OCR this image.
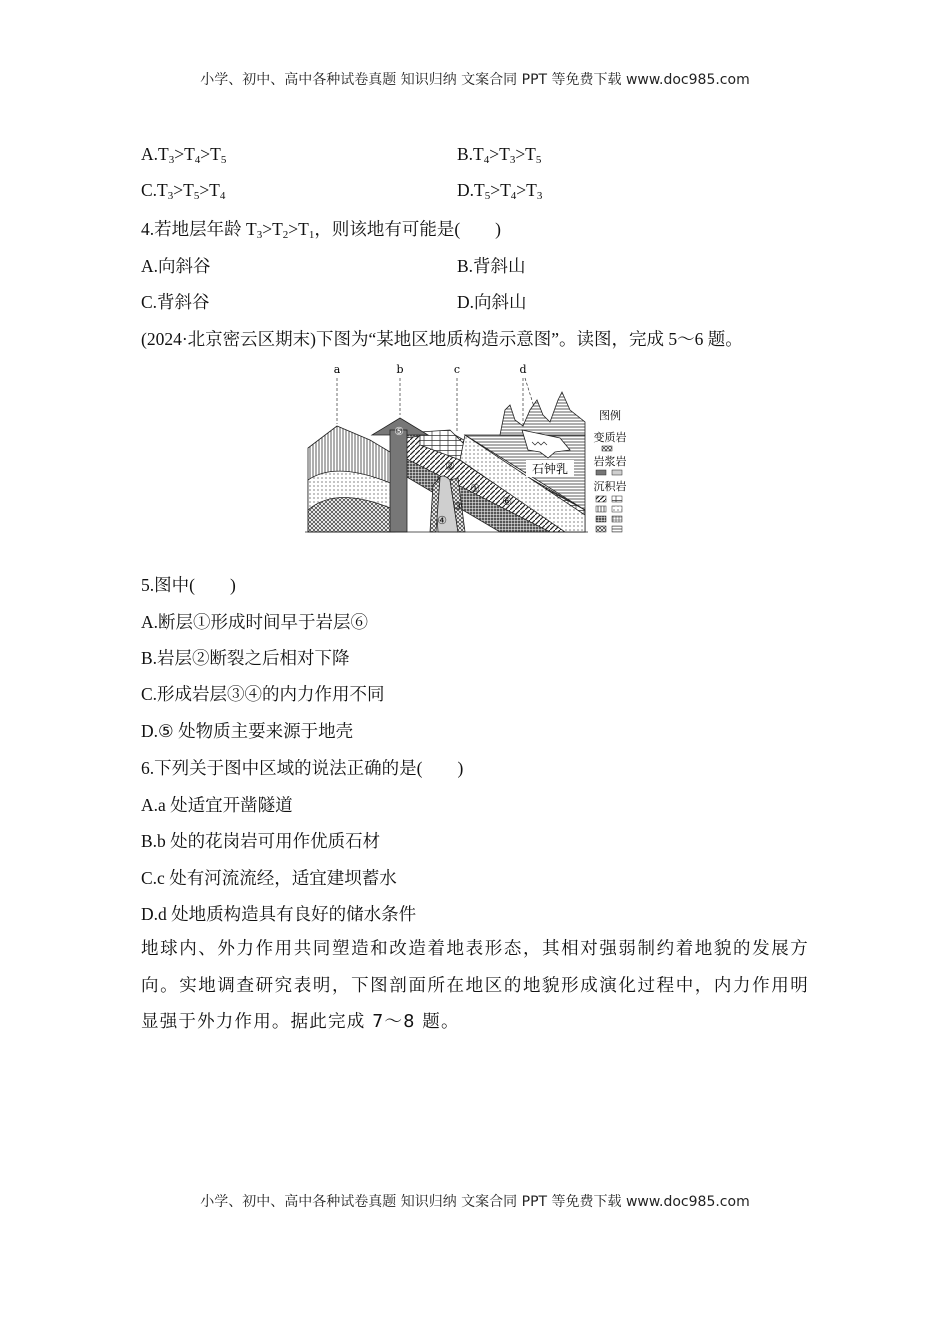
小学、初中、高中各种试卷真题 知识归纳 文案合同 PPT 等免费下载 www.doc985.com
$A.T_3>T_4>T_5$	$B.T_4>T_3>T_5$
$C.T_3>T_5>T_4$	$D.T_5>T_4>T_3$
4.若地层年龄 $T_3>T_2>T_1$，则该地有可能是(　　)
A.向斜谷	B.背斜山
C.背斜谷	D.向斜山
(2024·北京密云区期末)下图为“某地区地质构造示意图”。读图，完成 5～6 题。
a	b	c	d
①
②
③
④
⑤
⑥
石钟乳
图例
变质岩
岩浆岩
沉积岩
5.图中(　　)
A.断层①形成时间早于岩层⑥
B.岩层②断裂之后相对下降
C.形成岩层③④的内力作用不同
D.⑤ 处物质主要来源于地壳
6.下列关于图中区域的说法正确的是(　　)
A.a 处适宜开凿隧道
B.b 处的花岗岩可用作优质石材
C.c 处有河流流经，适宜建坝蓄水
D.d 处地质构造具有良好的储水条件
地球内、外力作用共同塑造和改造着地表形态，其相对强弱制约着地貌的发展方向。实地调查研究表明，下图剖面所在地区的地貌形成演化过程中，内力作用明显强于外力作用。据此完成 7～8 题。
小学、初中、高中各种试卷真题 知识归纳 文案合同 PPT 等免费下载 www.doc985.com
